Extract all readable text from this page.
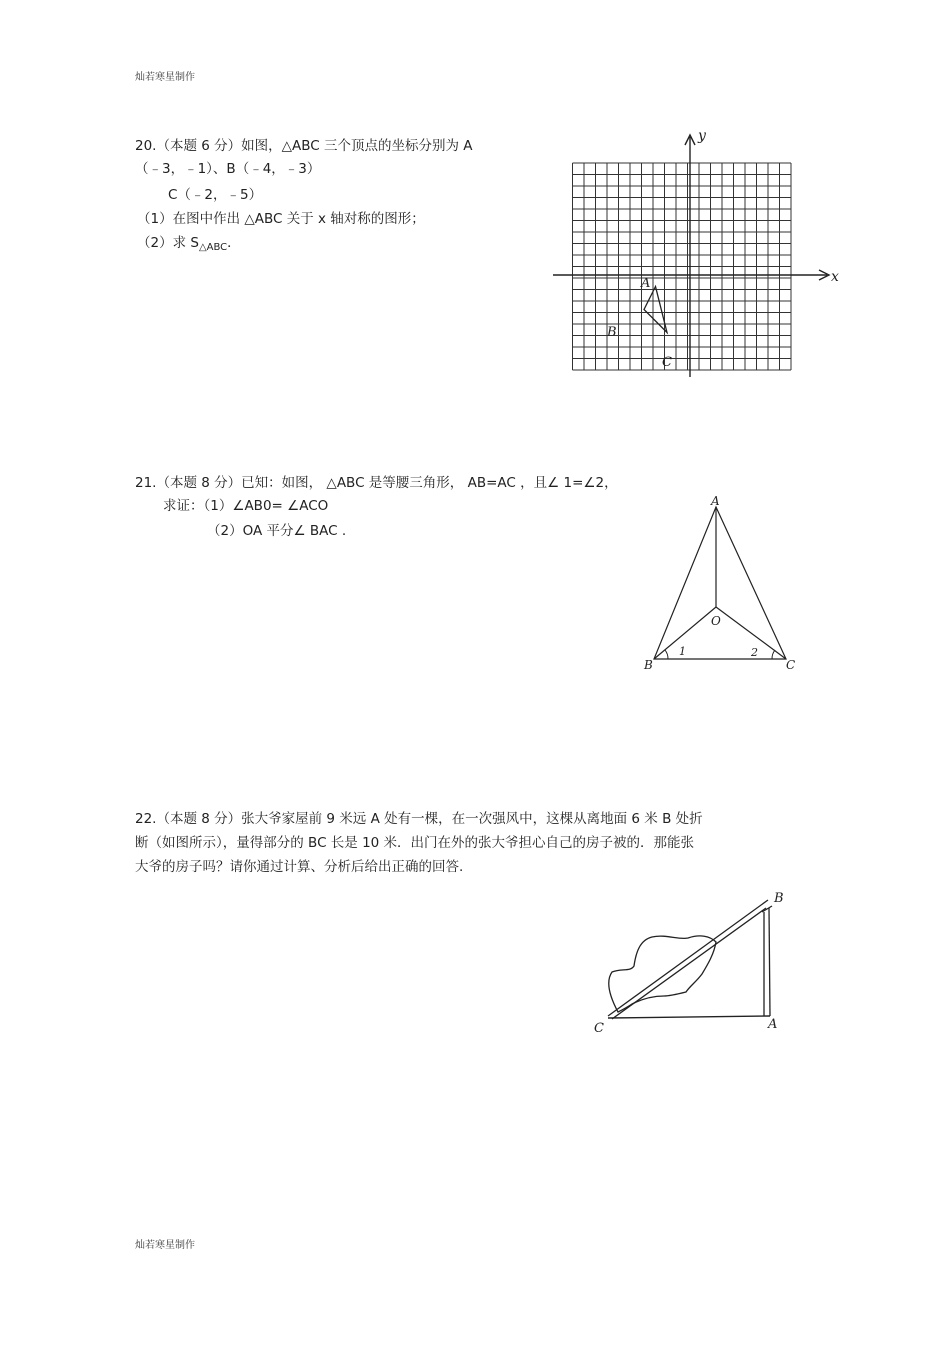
灿若寒星制作
灿若寒星制作
20.（本题 6 分）如图，△ABC 三个顶点的坐标分别为 A
（﹣3，﹣1）、B（﹣4，﹣3）
C（﹣2，﹣5）
（1）在图中作出 △ABC 关于 x 轴对称的图形；
（2）求 $S_{\triangle ABC}$．
x
y
A
B
C
21.（本题 8 分）已知：如图， △ABC 是等腰三角形， AB=AC ，且∠ 1=∠2，
求证：（1）∠AB0= ∠ACO
（2）OA 平分∠ BAC .
A
B	C
O
1	2
22.（本题 8 分）张大爷家屋前 9 米远 A 处有一棵，在一次强风中，这棵从离地面 6 米 B 处折
断（如图所示），量得部分的 BC 长是 10 米．出门在外的张大爷担心自己的房子被的．那能张
大爷的房子吗？请你通过计算、分析后给出正确的回答.
B
C	A
